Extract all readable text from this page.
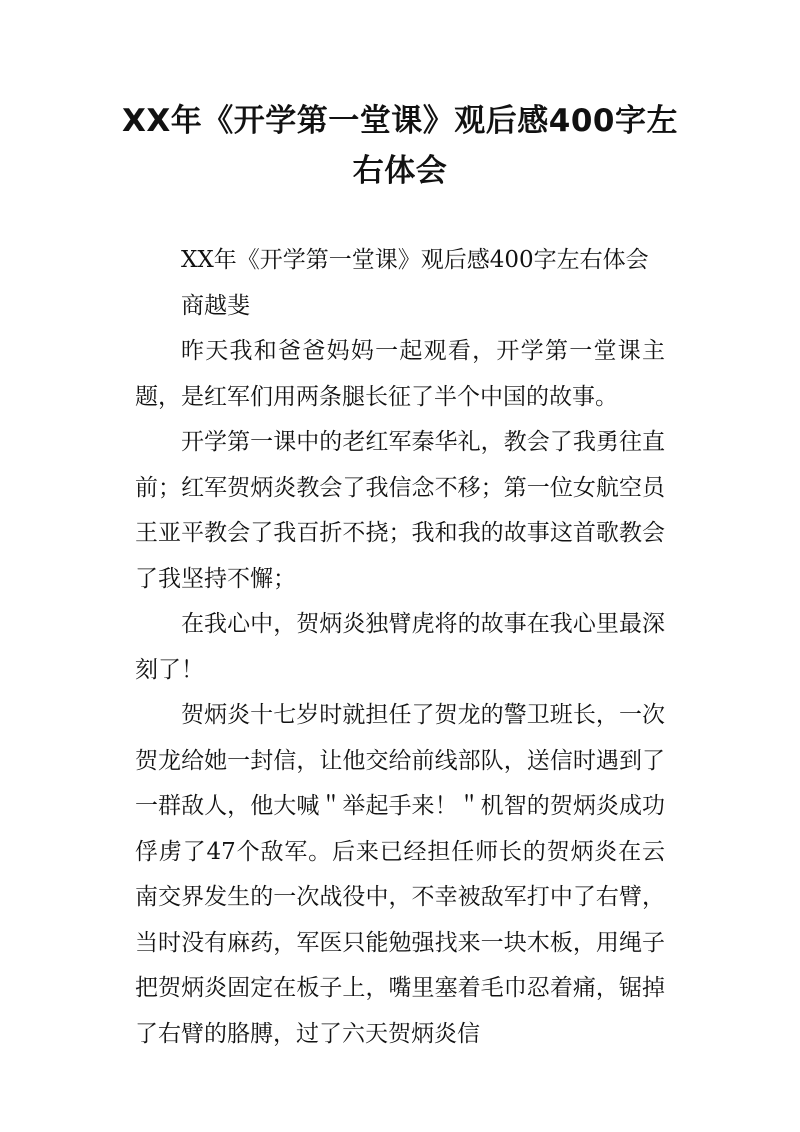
XX年《开学第一堂课》观后感400字左右体会

XX年《开学第一堂课》观后感400字左右体会

商越斐

昨天我和爸爸妈妈一起观看，开学第一堂课主题，是红军们用两条腿长征了半个中国的故事。

开学第一课中的老红军秦华礼，教会了我勇往直前；红军贺炳炎教会了我信念不移；第一位女航空员王亚平教会了我百折不挠；我和我的故事这首歌教会了我坚持不懈；

在我心中，贺炳炎独臂虎将的故事在我心里最深刻了！

贺炳炎十七岁时就担任了贺龙的警卫班长，一次贺龙给她一封信，让他交给前线部队，送信时遇到了一群敌人，他大喊＂举起手来！＂机智的贺炳炎成功俘虏了47个敌军。后来已经担任师长的贺炳炎在云南交界发生的一次战役中，不幸被敌军打中了右臂，当时没有麻药，军医只能勉强找来一块木板，用绳子把贺炳炎固定在板子上，嘴里塞着毛巾忍着痛，锯掉了右臂的胳膊，过了六天贺炳炎信
